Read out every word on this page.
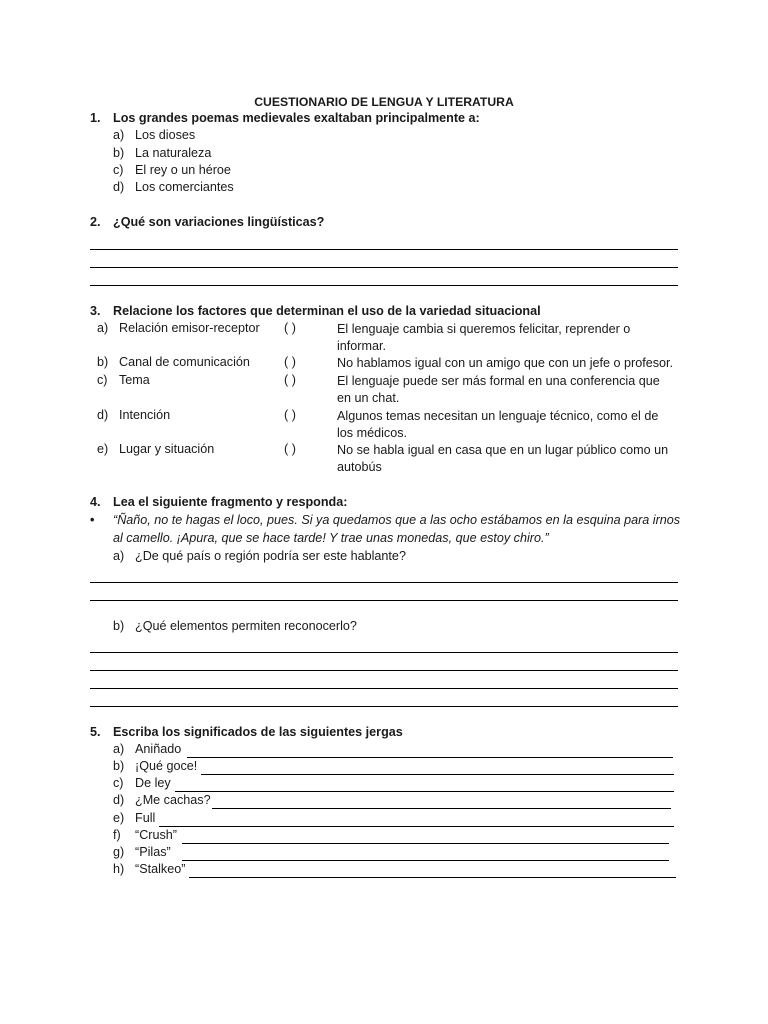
CUESTIONARIO DE LENGUA Y LITERATURA
1. Los grandes poemas medievales exaltaban principalmente a:
a) Los dioses
b) La naturaleza
c) El rey o un héroe
d) Los comerciantes
2. ¿Qué son variaciones lingüísticas?
3. Relacione los factores que determinan el uso de la variedad situacional
a) Relación emisor-receptor ( )	El lenguaje cambia si queremos felicitar, reprender o informar.
b) Canal de comunicación	( )	No hablamos igual con un amigo que con un jefe o profesor.
c) Tema	( )	El lenguaje puede ser más formal en una conferencia que en un chat.
d) Intención	( )	Algunos temas necesitan un lenguaje técnico, como el de los médicos.
e) Lugar y situación	( )	No se habla igual en casa que en un lugar público como un autobús
4. Lea el siguiente fragmento y responda:
• “Ñaño, no te hagas el loco, pues. Si ya quedamos que a las ocho estábamos en la esquina para irnos
al camello. ¡Apura, que se hace tarde! Y trae unas monedas, que estoy chiro.”
a) ¿De qué país o región podría ser este hablante?
b) ¿Qué elementos permiten reconocerlo?
5. Escriba los significados de las siguientes jergas
a) Aniñado
b) ¡Qué goce!
c) De ley
d) ¿Me cachas?
e) Full
f) “Crush”
g) “Pilas”
h) “Stalkeo”
